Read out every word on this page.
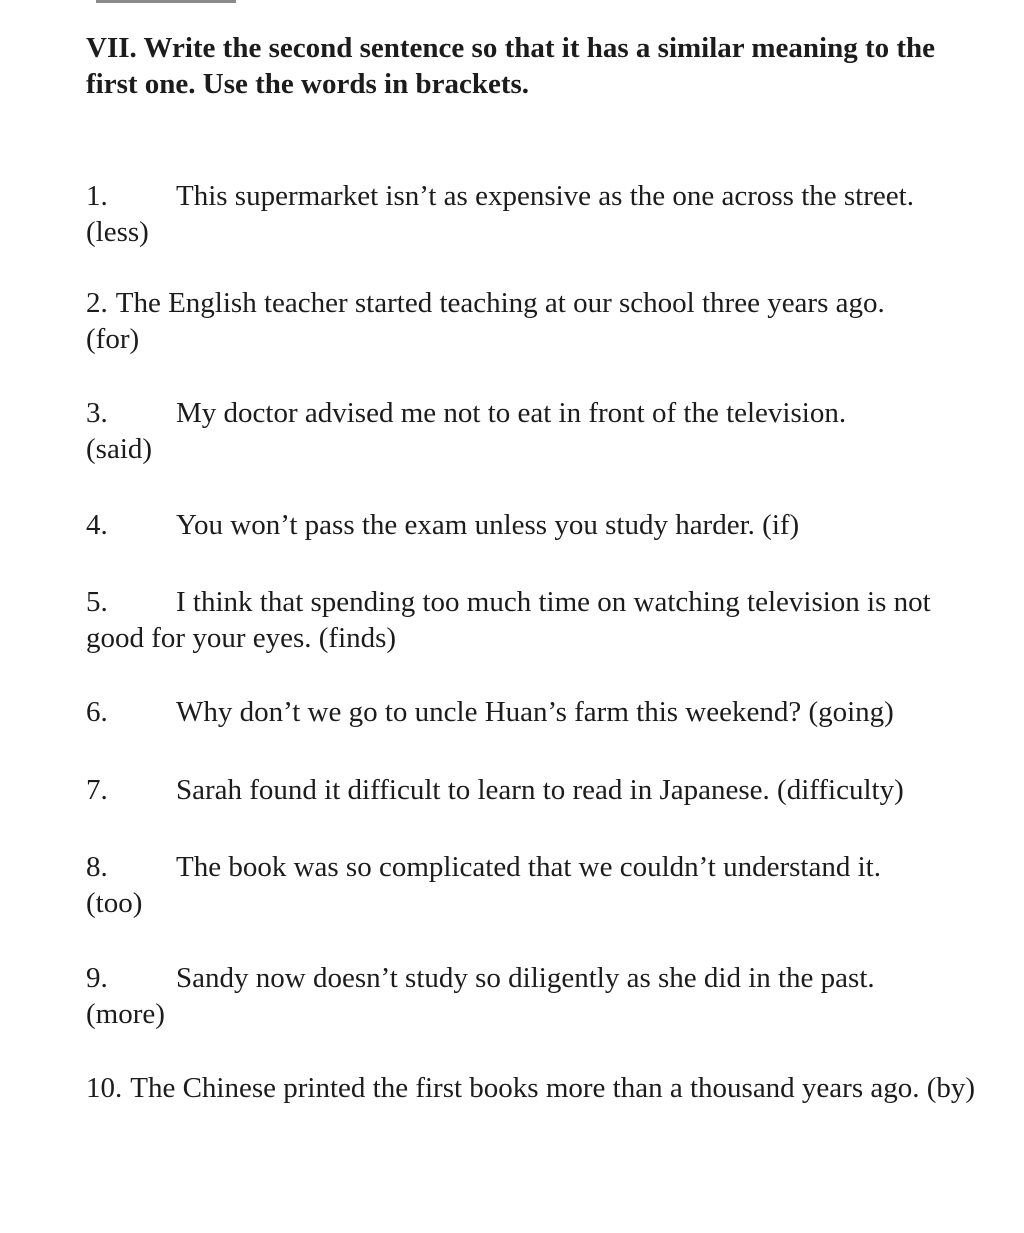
VII. Write the second sentence so that it has a similar meaning to the first one. Use the words in brackets.

1. This supermarket isn’t as expensive as the one across the street.
(less)
2. The English teacher started teaching at our school three years ago.
(for)
3. My doctor advised me not to eat in front of the television.
(said)
4. You won’t pass the exam unless you study harder. (if)
5. I think that spending too much time on watching television is not good for your eyes. (finds)
6. Why don’t we go to uncle Huan’s farm this weekend? (going)
7. Sarah found it difficult to learn to read in Japanese. (difficulty)
8. The book was so complicated that we couldn’t understand it.
(too)
9. Sandy now doesn’t study so diligently as she did in the past.
(more)
10. The Chinese printed the first books more than a thousand years ago. (by)
